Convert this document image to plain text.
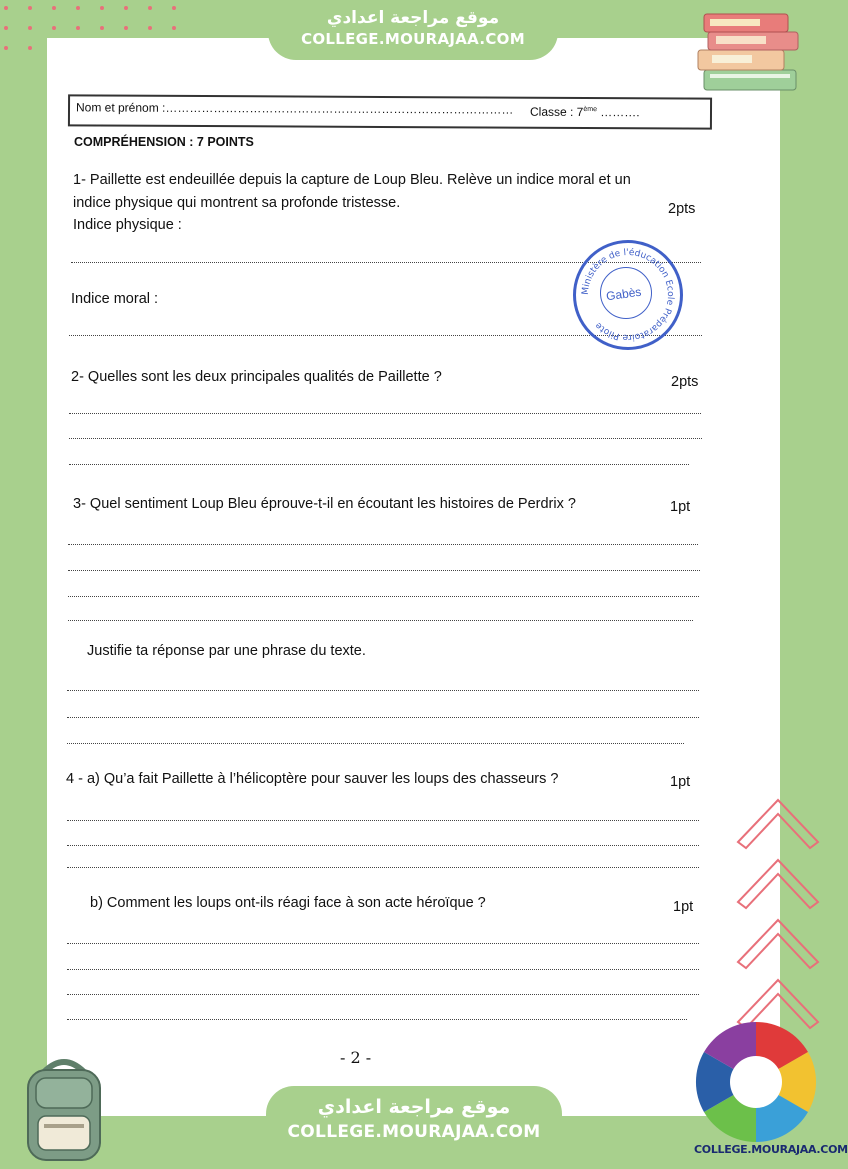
موقع مراجعة اعدادي
COLLEGE.MOURAJAA.COM
Nom et prénom :…………………………………………………………………………… Classe : 7ème ……….
COMPRÉHENSION : 7 POINTS
1- Paillette est endeuillée depuis la capture de Loup Bleu. Relève un indice moral et un
indice physique qui montrent sa profonde tristesse.	2pts
Indice physique :
Indice moral :
Ministère de l'éducation Ecole Préparatoire Pilote
Gabès
2- Quelles sont les deux principales qualités de Paillette ?	2pts
3- Quel sentiment Loup Bleu éprouve-t-il en écoutant les histoires de Perdrix ?	1pt
Justifie ta réponse par une phrase du texte.
4 - a) Qu’a fait Paillette à l’hélicoptère pour sauver les loups des chasseurs ?	1pt
b) Comment les loups ont-ils réagi face à son acte héroïque ?	1pt
- 2 -
موقع مراجعة اعدادي
COLLEGE.MOURAJAA.COM
COLLEGE.MOURAJAA.COM
